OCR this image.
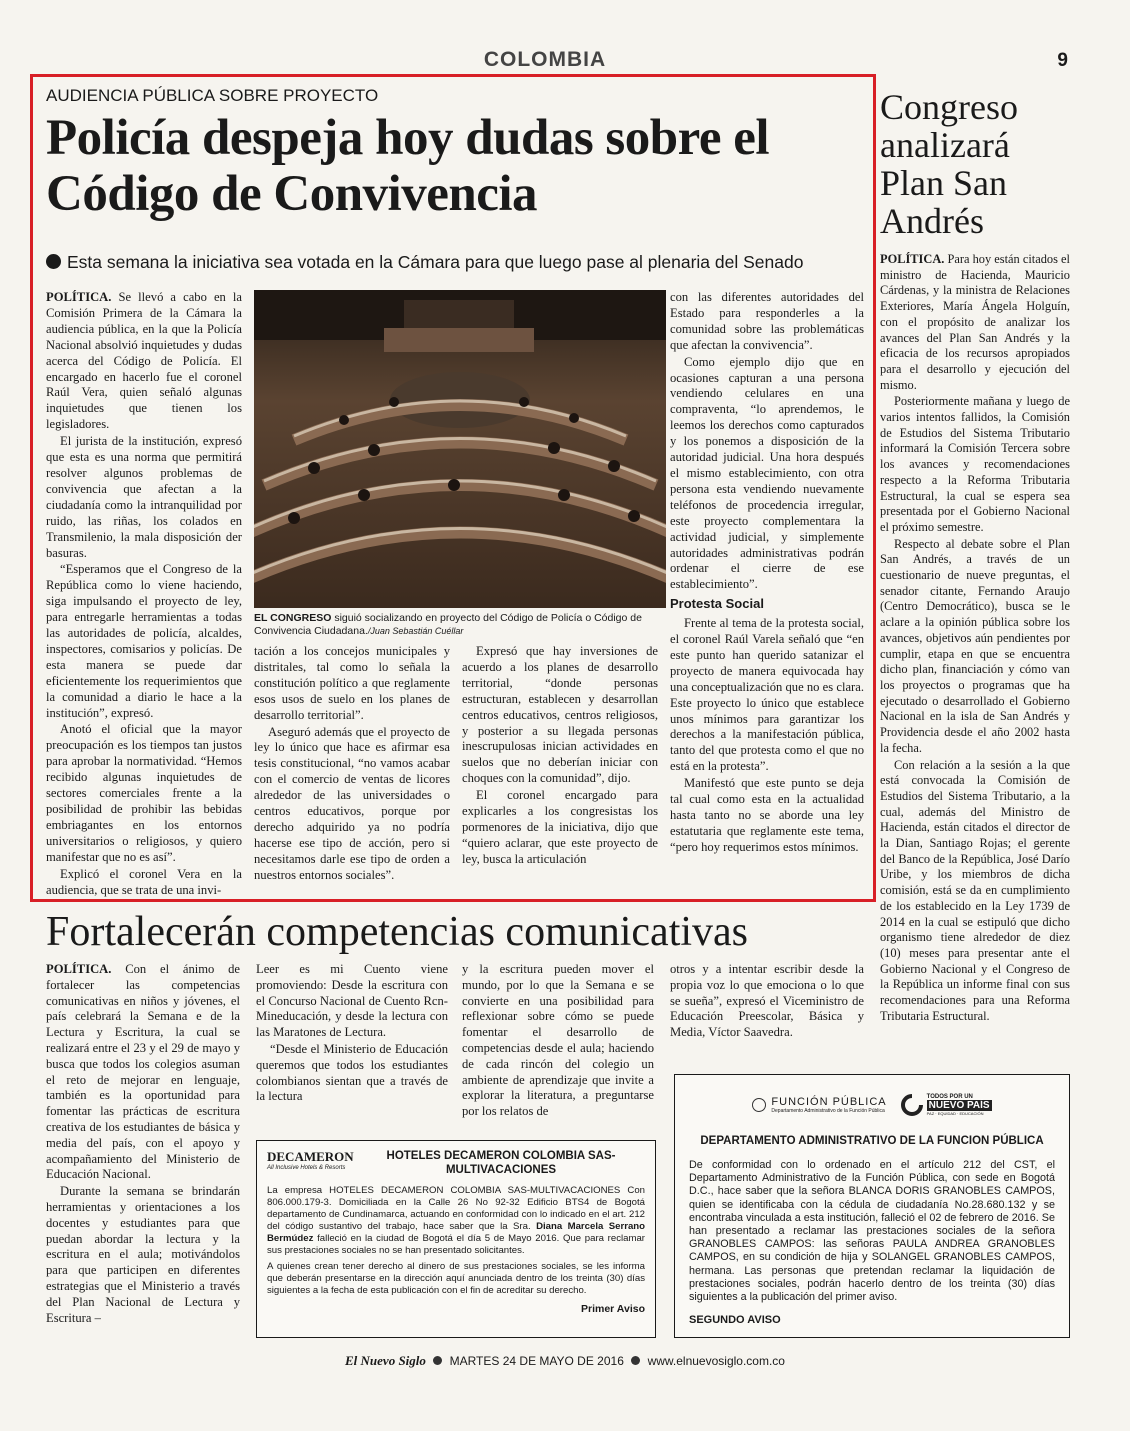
COLOMBIA	9
AUDIENCIA PÚBLICA SOBRE PROYECTO
Policía despeja hoy dudas sobre el Código de Convivencia
Esta semana la iniciativa sea votada en la Cámara para que luego pase al plenaria del Senado

POLÍTICA. Se llevó a cabo en la Comisión Primera de la Cámara la audiencia pública, en la que la Policía Nacional absolvió inquietudes y dudas acerca del Código de Policía. El encargado en hacerlo fue el coronel Raúl Vera, quien señaló algunas inquietudes que tienen los legisladores.

El jurista de la institución, expresó que esta es una norma que permitirá resolver algunos problemas de convivencia que afectan a la ciudadanía como la intranquilidad por ruido, las riñas, los colados en Transmilenio, la mala disposición der basuras.

“Esperamos que el Congreso de la República como lo viene haciendo, siga impulsando el proyecto de ley, para entregarle herramientas a todas las autoridades de policía, alcaldes, inspectores, comisarios y policías. De esta manera se puede dar eficientemente los requerimientos que la comunidad a diario le hace a la institución”, expresó.

Anotó el oficial que la mayor preocupación es los tiempos tan justos para aprobar la normatividad. “Hemos recibido algunas inquietudes de sectores comerciales frente a la posibilidad de prohibir las bebidas embriagantes en los entornos universitarios o religiosos, y quiero manifestar que no es así”.

Explicó el coronel Vera en la audiencia, que se trata de una invi-

EL CONGRESO siguió socializando en proyecto del Código de Policía o Código de Convivencia Ciudadana./Juan Sebastián Cuéllar

tación a los concejos municipales y distritales, tal como lo señala la constitución político a que reglamente esos usos de suelo en los planes de desarrollo territorial”.

Aseguró además que el proyecto de ley lo único que hace es afirmar esa tesis constitucional, “no vamos acabar con el comercio de ventas de licores alrededor de las universidades o centros educativos, porque por derecho adquirido ya no podría hacerse ese tipo de acción, pero si necesitamos darle ese tipo de orden a nuestros entornos sociales”.

Expresó que hay inversiones de acuerdo a los planes de desarrollo territorial, “donde personas estructuran, establecen y desarrollan centros educativos, centros religiosos, y posterior a su llegada personas inescrupulosas inician actividades en suelos que no deberían iniciar con choques con la comunidad”, dijo.

El coronel encargado para explicarles a los congresistas los pormenores de la iniciativa, dijo que “quiero aclarar, que este proyecto de ley, busca la articulación

con las diferentes autoridades del Estado para responderles a la comunidad sobre las problemáticas que afectan la convivencia”.

Como ejemplo dijo que en ocasiones capturan a una persona vendiendo celulares en una compraventa, “lo aprendemos, le leemos los derechos como capturados y los ponemos a disposición de la autoridad judicial. Una hora después el mismo establecimiento, con otra persona esta vendiendo nuevamente teléfonos de procedencia irregular, este proyecto complementara la actividad judicial, y simplemente autoridades administrativas podrán ordenar el cierre de ese establecimiento”.

Protesta Social

Frente al tema de la protesta social, el coronel Raúl Varela señaló que “en este punto han querido satanizar el proyecto de manera equivocada hay una conceptualización que no es clara. Este proyecto lo único que establece unos mínimos para garantizar los derechos a la manifestación pública, tanto del que protesta como el que no está en la protesta”.

Manifestó que este punto se deja tal cual como esta en la actualidad hasta tanto no se aborde una ley estatutaria que reglamente este tema, “pero hoy requerimos estos mínimos.

Congreso analizará Plan San Andrés

POLÍTICA. Para hoy están citados el ministro de Hacienda, Mauricio Cárdenas, y la ministra de Relaciones Exteriores, María Ángela Holguín, con el propósito de analizar los avances del Plan San Andrés y la eficacia de los recursos apropiados para el desarrollo y ejecución del mismo.

Posteriormente mañana y luego de varios intentos fallidos, la Comisión de Estudios del Sistema Tributario informará la Comisión Tercera sobre los avances y recomendaciones respecto a la Reforma Tributaria Estructural, la cual se espera sea presentada por el Gobierno Nacional el próximo semestre.

Respecto al debate sobre el Plan San Andrés, a través de un cuestionario de nueve preguntas, el senador citante, Fernando Araujo (Centro Democrático), busca se le aclare a la opinión pública sobre los avances, objetivos aún pendientes por cumplir, etapa en que se encuentra dicho plan, financiación y cómo van los proyectos o programas que ha ejecutado o desarrollado el Gobierno Nacional en la isla de San Andrés y Providencia desde el año 2002 hasta la fecha.

Con relación a la sesión a la que está convocada la Comisión de Estudios del Sistema Tributario, a la cual, además del Ministro de Hacienda, están citados el director de la Dian, Santiago Rojas; el gerente del Banco de la República, José Darío Uribe, y los miembros de dicha comisión, está se da en cumplimiento de los establecido en la Ley 1739 de 2014 en la cual se estipuló que dicho organismo tiene alrededor de diez (10) meses para presentar ante el Gobierno Nacional y el Congreso de la República un informe final con sus recomendaciones para una Reforma Tributaria Estructural.

Fortalecerán competencias comunicativas

POLÍTICA. Con el ánimo de fortalecer las competencias comunicativas en niños y jóvenes, el país celebrará la Semana e de la Lectura y Escritura, la cual se realizará entre el 23 y el 29 de mayo y busca que todos los colegios asuman el reto de mejorar en lenguaje, también es la oportunidad para fomentar las prácticas de escritura creativa de los estudiantes de básica y media del país, con el apoyo y acompañamiento del Ministerio de Educación Nacional.

Durante la semana se brindarán herramientas y orientaciones a los docentes y estudiantes para que puedan abordar la lectura y la escritura en el aula; motivándolos para que participen en diferentes estrategias que el Ministerio a través del Plan Nacional de Lectura y Escritura –

Leer es mi Cuento viene promoviendo: Desde la escritura con el Concurso Nacional de Cuento Rcn-Mineducación, y desde la lectura con las Maratones de Lectura.

“Desde el Ministerio de Educación queremos que todos los estudiantes colombianos sientan que a través de la lectura

y la escritura pueden mover el mundo, por lo que la Semana e se convierte en una posibilidad para reflexionar sobre cómo se puede fomentar el desarrollo de competencias desde el aula; haciendo de cada rincón del colegio un ambiente de aprendizaje que invite a explorar la literatura, a preguntarse por los relatos de

otros y a intentar escribir desde la propia voz lo que emociona o lo que se sueña”, expresó el Viceministro de Educación Preescolar, Básica y Media, Víctor Saavedra.

DECAMERON
All Inclusive Hotels & Resorts
HOTELES DECAMERON COLOMBIA SAS-MULTIVACACIONES
La empresa HOTELES DECAMERON COLOMBIA SAS-MULTIVACACIONES Con 806.000.179-3. Domiciliada en la Calle 26 No 92-32 Edificio BTS4 de Bogotá departamento de Cundinamarca, actuando en conformidad con lo indicado en el art. 212 del código sustantivo del trabajo, hace saber que la Sra. Diana Marcela Serrano Bermúdez falleció en la ciudad de Bogotá el día 5 de Mayo 2016. Que para reclamar sus prestaciones sociales no se han presentado solicitantes.
A quienes crean tener derecho al dinero de sus prestaciones sociales, se les informa que deberán presentarse en la dirección aquí anunciada dentro de los treinta (30) días siguientes a la fecha de esta publicación con el fin de acreditar su derecho.
Primer Aviso
FUNCIÓN PÚBLICA
Departamento Administrativo de la Función Pública
TODOS POR UN
NUEVO PAÍS
PAZ · EQUIDAD · EDUCACIÓN
DEPARTAMENTO ADMINISTRATIVO DE LA FUNCION PÚBLICA
De conformidad con lo ordenado en el artículo 212 del CST, el Departamento Administrativo de la Función Pública, con sede en Bogotá D.C., hace saber que la señora BLANCA DORIS GRANOBLES CAMPOS, quien se identificaba con la cédula de ciudadanía No.28.680.132 y se encontraba vinculada a esta institución, falleció el 02 de febrero de 2016. Se han presentado a reclamar las prestaciones sociales de la señora GRANOBLES CAMPOS: las señoras PAULA ANDREA GRANOBLES CAMPOS, en su condición de hija y SOLANGEL GRANOBLES CAMPOS, hermana. Las personas que pretendan reclamar la liquidación de prestaciones sociales, podrán hacerlo dentro de los treinta (30) días siguientes a la publicación del primer aviso.
SEGUNDO AVISO
El Nuevo Siglo MARTES 24 DE MAYO DE 2016 www.elnuevosiglo.com.co
